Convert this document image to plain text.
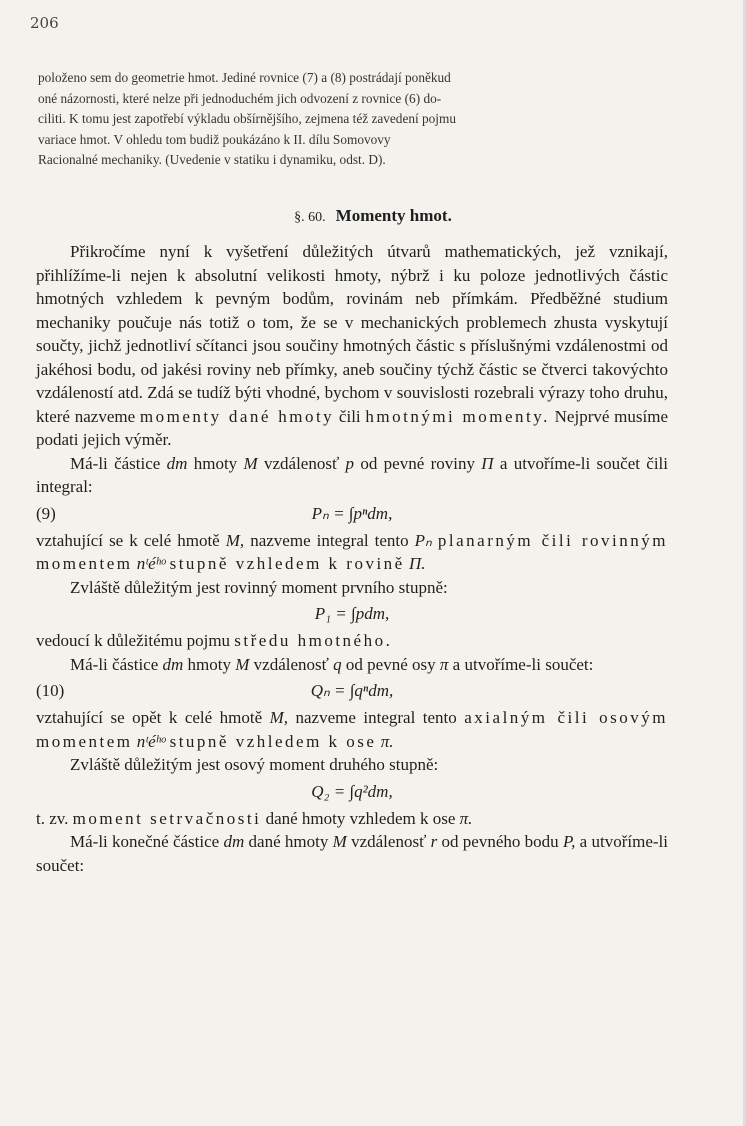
206

položeno sem do geometrie hmot. Jediné rovnice (7) a (8) postrádají poněkud

oné názornosti, které nelze při jednoduchém jich odvození z rovnice (6) do-

ciliti. K tomu jest zapotřebí výkladu obšírnějšího, zejmena též zavedení pojmu

variace hmot. V ohledu tom budiž poukázáno k II. dílu Somovovy

Racionalné mechaniky. (Uvedenie v statiku i dynamiku, odst. D).

§. 60. Momenty hmot.

Přikročíme nyní k vyšetření důležitých útvarů mathematických, jež vznikají, přihlížíme-li nejen k absolutní velikosti hmoty, nýbrž i ku poloze jednotlivých částic hmotných vzhledem k pevným bodům, rovinám neb přímkám. Předběžné studium mechaniky poučuje nás totiž o tom, že se v mechanických problemech zhusta vyskytují součty, jichž jednotliví sčítanci jsou součiny hmotných částic s příslušnými vzdálenostmi od jakéhosi bodu, od jakési roviny neb přímky, aneb součiny týchž částic se čtverci takovýchto vzdáleností atd. Zdá se tudíž býti vhodné, bychom v souvislosti rozebrali výrazy toho druhu, které nazveme momenty dané hmoty čili hmotnými momenty. Nejprvé musíme podati jejich výměr.

Má-li částice dm hmoty M vzdálenosť p od pevné roviny Π a utvoříme-li součet čili integral:

(9)	Pₙ = ∫pⁿdm,

vztahující se k celé hmotě M, nazveme integral tento Pₙ planarným čili rovinným momentem nᵗéʰᵒ stupně vzhledem k rovině Π.

Zvláště důležitým jest rovinný moment prvního stupně:

P₁ = ∫pdm,

vedoucí k důležitému pojmu středu hmotného.

Má-li částice dm hmoty M vzdálenosť q od pevné osy π a utvoříme-li součet:

(10)	Qₙ = ∫qⁿdm,

vztahující se opět k celé hmotě M, nazveme integral tento axialným čili osovým momentem nᵗéʰᵒ stupně vzhledem k ose π.

Zvláště důležitým jest osový moment druhého stupně:

Q₂ = ∫q²dm,

t. zv. moment setrvačnosti dané hmoty vzhledem k ose π.

Má-li konečné částice dm dané hmoty M vzdálenosť r od pevného bodu P, a utvoříme-li součet:
